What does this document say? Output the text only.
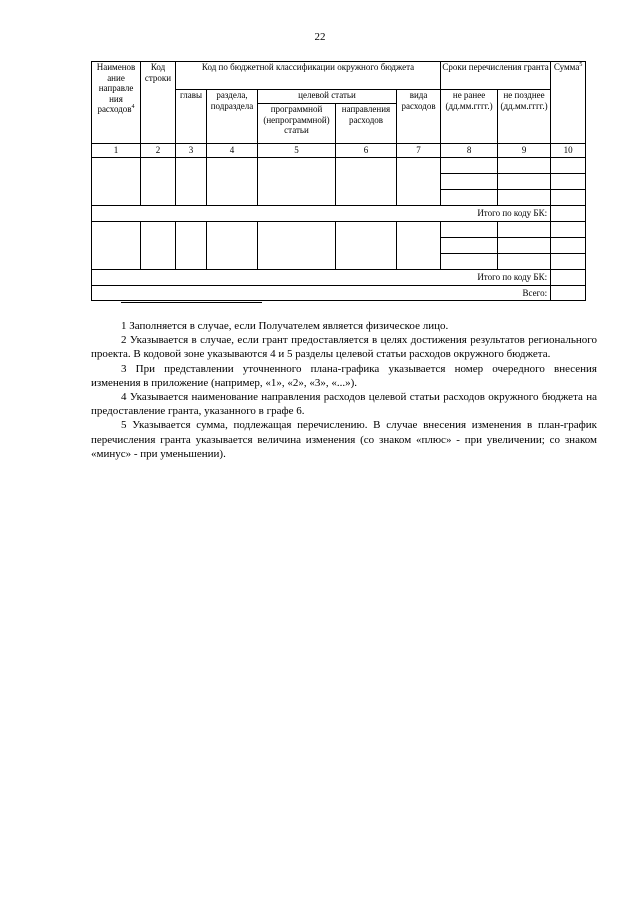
22
Наименов ание направле ния расходов$^4$	Код строки	Код по бюджетной классификации окружного бюджета					Сроки перечисления гранта		Сумма$^5$
		главы	раздела, подраздела	целевой статьи		вида расходов	не ранее (дд.мм.гггг.)	не позднее (дд.мм.гггг.)	
				программной (непрограммной) статьи	направления расходов				
1	2	3	4	5	6	7	8	9	10

Итого по коду БК:									

Итого по коду БК:									
Всего:									

1 Заполняется в случае, если Получателем является физическое лицо.

2 Указывается в случае, если грант предоставляется в целях достижения результатов регионального проекта. В кодовой зоне указываются 4 и 5 разделы целевой статьи расходов окружного бюджета.

3 При представлении уточненного плана-графика указывается номер очередного внесения изменения в приложение (например, «1», «2», «3», «...»).

4 Указывается наименование направления расходов целевой статьи расходов окружного бюджета на предоставление гранта, указанного в графе 6.

5 Указывается сумма, подлежащая перечислению. В случае внесения изменения в план-график перечисления гранта указывается величина изменения (со знаком «плюс» - при увеличении; со знаком «минус» - при уменьшении).
